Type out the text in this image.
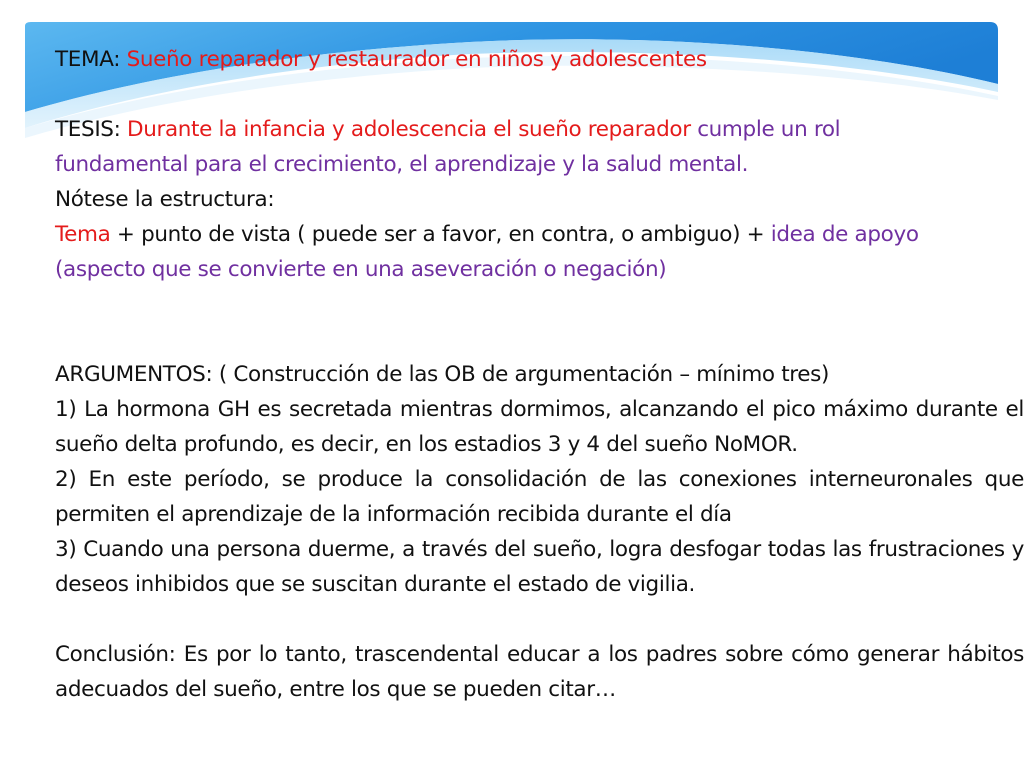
TEMA: Sueño reparador y restaurador en niños y adolescentes

TESIS: Durante la infancia y adolescencia el sueño reparador cumple un rol

fundamental para el crecimiento, el aprendizaje y la salud mental.

Nótese la estructura:

Tema + punto de vista ( puede ser a favor, en contra, o ambiguo) + idea de apoyo

(aspecto que se convierte en una aseveración o negación)

ARGUMENTOS: ( Construcción de las OB de argumentación – mínimo tres)

1) La hormona GH es secretada mientras dormimos, alcanzando el pico máximo durante el sueño delta profundo, es decir, en los estadios 3 y 4 del sueño NoMOR.

2) En este período, se produce la consolidación de las conexiones interneuronales que permiten el aprendizaje de la información recibida durante el día

3) Cuando una persona duerme, a través del sueño, logra desfogar todas las frustraciones y deseos inhibidos que se suscitan durante el estado de vigilia.

Conclusión: Es por lo tanto, trascendental educar a los padres sobre cómo generar hábitos adecuados del sueño, entre los que se pueden citar…
